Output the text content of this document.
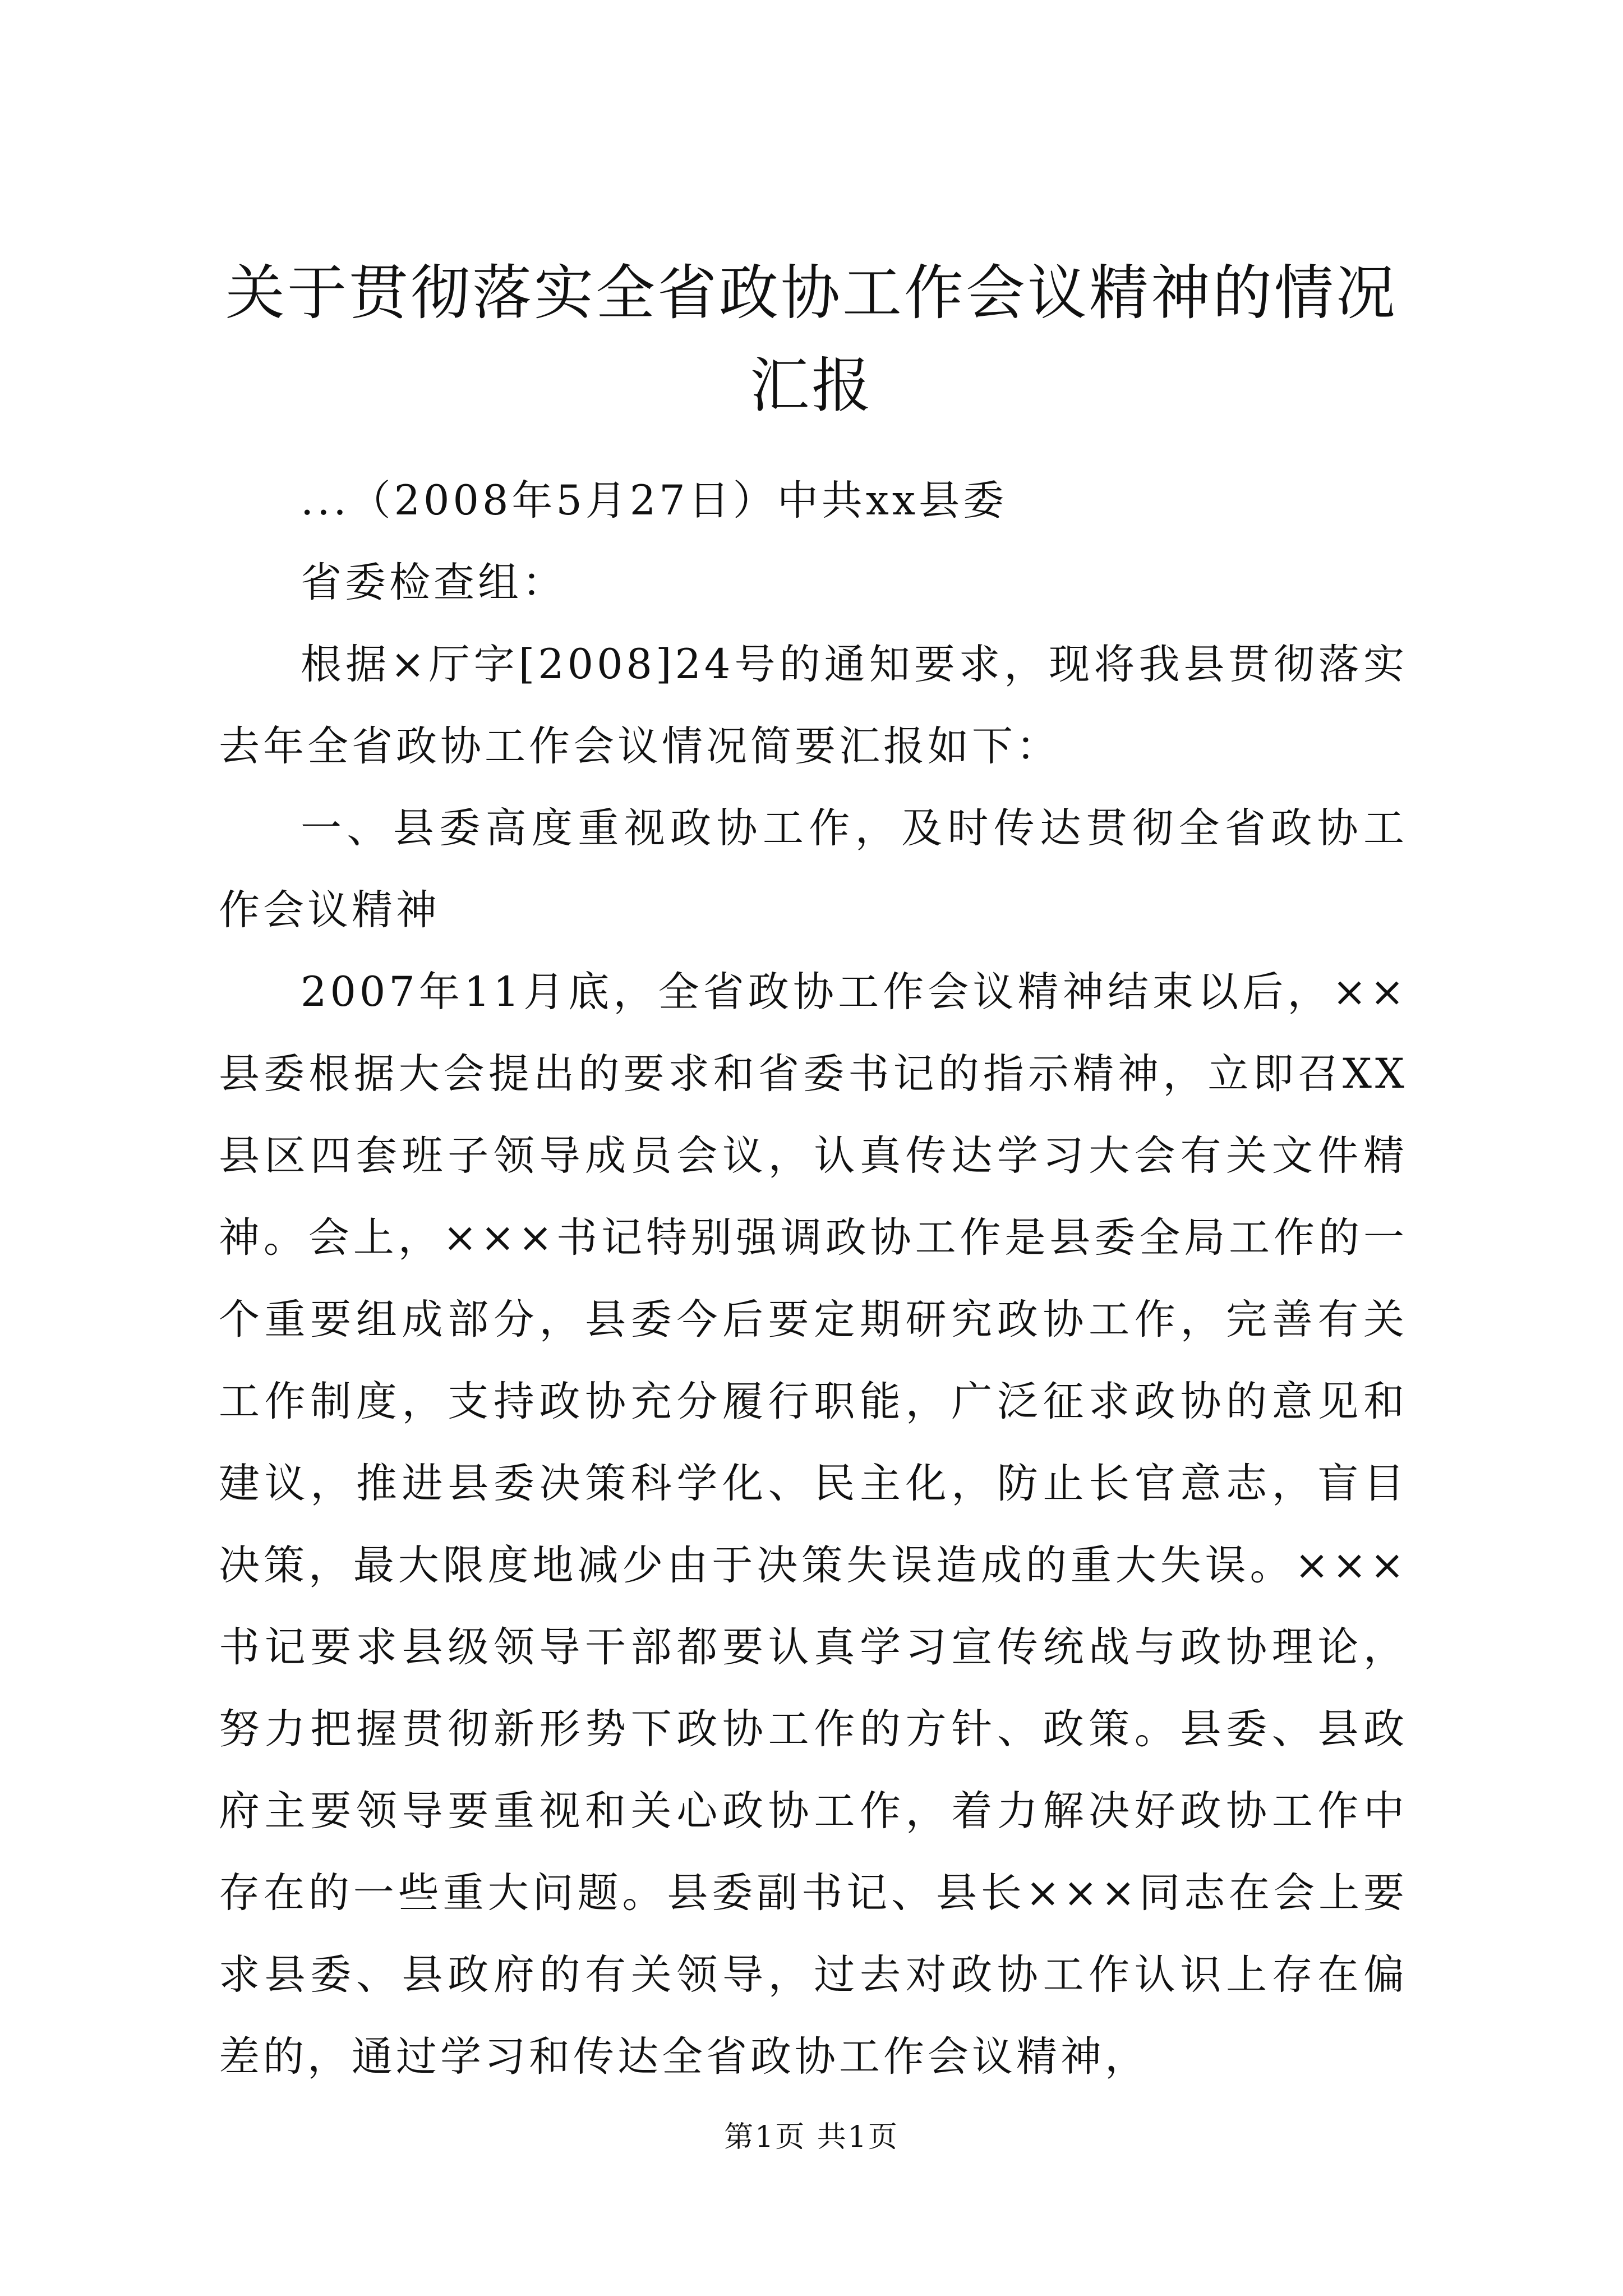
关于贯彻落实全省政协工作会议精神的情况汇报

...（2008年5月27日）中共xx县委

省委检查组：

根据×厅字[2008]24号的通知要求，现将我县贯彻落实去年全省政协工作会议情况简要汇报如下：

一、县委高度重视政协工作，及时传达贯彻全省政协工作会议精神

2007年11月底，全省政协工作会议精神结束以后，××县委根据大会提出的要求和省委书记的指示精神，立即召XX县区四套班子领导成员会议，认真传达学习大会有关文件精神。会上，×××书记特别强调政协工作是县委全局工作的一个重要组成部分，县委今后要定期研究政协工作，完善有关工作制度，支持政协充分履行职能，广泛征求政协的意见和建议，推进县委决策科学化、民主化，防止长官意志，盲目决策，最大限度地减少由于决策失误造成的重大失误。×××书记要求县级领导干部都要认真学习宣传统战与政协理论，努力把握贯彻新形势下政协工作的方针、政策。县委、县政府主要领导要重视和关心政协工作，着力解决好政协工作中存在的一些重大问题。县委副书记、县长×××同志在会上要求县委、县政府的有关领导，过去对政协工作认识上存在偏差的，通过学习和传达全省政协工作会议精神，

第1页 共1页
